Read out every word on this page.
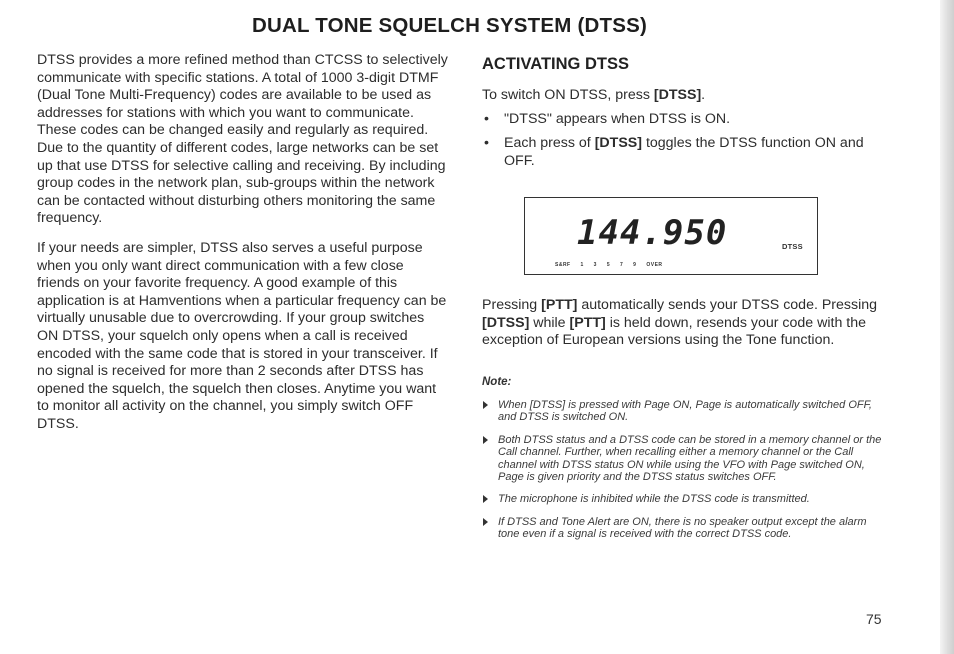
DUAL TONE SQUELCH SYSTEM (DTSS)

DTSS provides a more refined method than CTCSS to selectively communicate with specific stations. A total of 1000 3-digit DTMF (Dual Tone Multi-Frequency) codes are available to be used as addresses for stations with which you want to communicate. These codes can be changed easily and regularly as required. Due to the quantity of different codes, large networks can be set up that use DTSS for selective calling and receiving. By including group codes in the network plan, sub-groups within the network can be contacted without disturbing others monitoring the same frequency.

If your needs are simpler, DTSS also serves a useful purpose when you only want direct communication with a few close friends on your favorite frequency. A good example of this application is at Hamventions when a particular frequency can be virtually unusable due to overcrowding. If your group switches ON DTSS, your squelch only opens when a call is received encoded with the same code that is stored in your transceiver. If no signal is received for more than 2 seconds after DTSS has opened the squelch, the squelch then closes. Anytime you want to monitor all activity on the channel, you simply switch OFF DTSS.

ACTIVATING DTSS
To switch ON DTSS, press [DTSS].
• "DTSS" appears when DTSS is ON.
• Each press of [DTSS] toggles the DTSS function ON and OFF.
144.950	DTSS
S&RF 1 3 5 7 9 OVER

Pressing [PTT] automatically sends your DTSS code. Pressing [DTSS] while [PTT] is held down, resends your code with the exception of European versions using the Tone function.

Note:
When [DTSS] is pressed with Page ON, Page is automatically switched OFF, and DTSS is switched ON.
Both DTSS status and a DTSS code can be stored in a memory channel or the Call channel. Further, when recalling either a memory channel or the Call channel with DTSS status ON while using the VFO with Page switched ON, Page is given priority and the DTSS status switches OFF.
The microphone is inhibited while the DTSS code is transmitted.
If DTSS and Tone Alert are ON, there is no speaker output except the alarm tone even if a signal is received with the correct DTSS code.
75
